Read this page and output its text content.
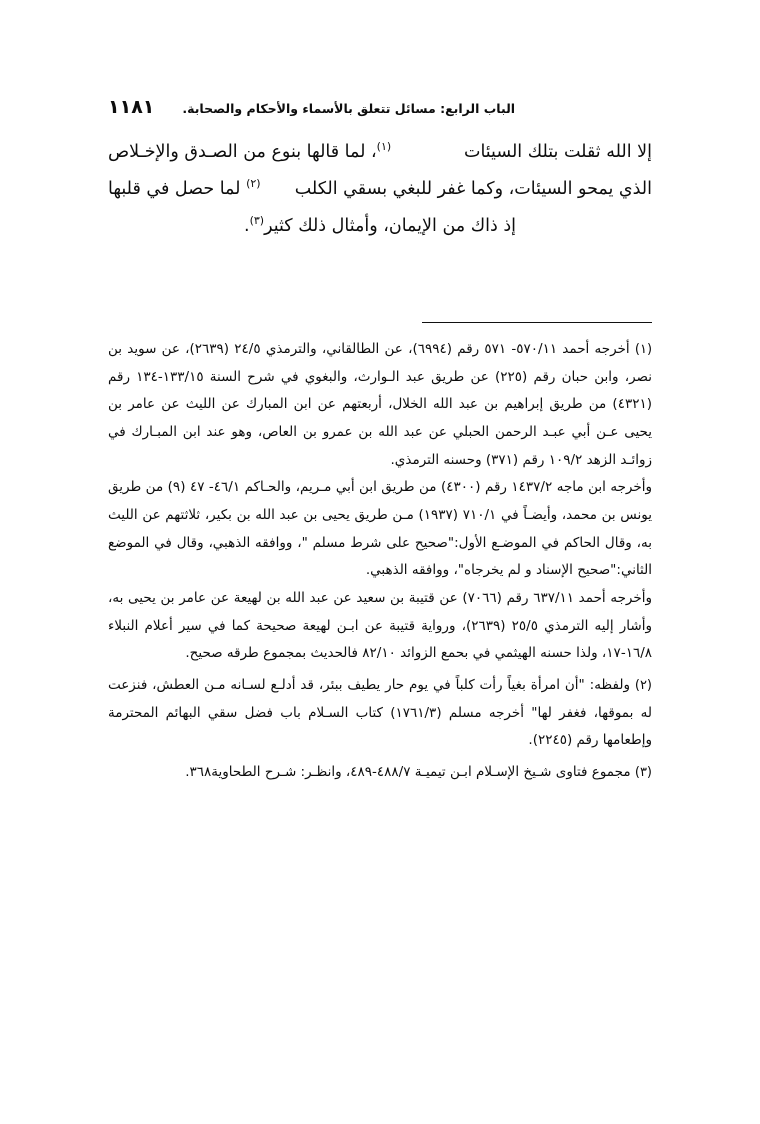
١١٨١ الباب الرابع: مسائل تتعلق بالأسماء والأحكام والصحابة.

إلا الله ثقلت بتلك السيئات
$^{(١)}$، لما قالها بنوع من الصـدق والإخـلاص
الذي يمحو السيئات، وكما غفر للبغي بسقي الكلب
$^{(٢)}$ لما حصل في قلبها
إذ ذاك من الإيمان، وأمثال ذلك كثير$^{(٣)}$.

(١) أخرجه أحمد ٥٧٠/١١- ٥٧١ رقم (٦٩٩٤)، عن الطالقاني، والترمذي ٢٤/٥ (٢٦٣٩)، عن سويد بن نصر، وابن حبان رقم (٢٢٥) عن طريق عبد الـوارث، والبغوي في شرح السنة ١٣٣/١٥-١٣٤ رقم (٤٣٢١) من طريق إبراهيم بن عبد الله الخلال، أربعتهم عن ابن المبارك عن الليث عن عامر بن يحيى عـن أبي عبـد الرحمن الحبلي عن عبد الله بن عمرو بن العاص، وهو عند ابن المبـارك في زوائـد الزهد ١٠٩/٢ رقم (٣٧١) وحسنه الترمذي.

وأخرجه ابن ماجه ١٤٣٧/٢ رقم (٤٣٠٠) من طريق ابن أبي مـريم، والحـاكم ٤٦/١- ٤٧ (٩) من طريق يونس بن محمد، وأيضـاً في ٧١٠/١ (١٩٣٧) مـن طريق يحيى بن عبد الله بن بكير، ثلاثتهم عن الليث به، وقال الحاكم في الموضـع الأول:"صحيح على شرط مسلم "، ووافقه الذهبي، وقال في الموضع الثاني:"صحيح الإسناد و لم يخرجاه"، ووافقه الذهبي.

وأخرجه أحمد ٦٣٧/١١ رقم (٧٠٦٦) عن قتيبة بن سعيد عن عبد الله بن لهيعة عن عامر بن يحيى به، وأشار إليه الترمذي ٢٥/٥ (٢٦٣٩)، ورواية قتيبة عن ابـن لهيعة صحيحة كما في سير أعلام النبلاء ١٦/٨-١٧، ولذا حسنه الهيثمي في بحمع الزوائد ٨٢/١٠ فالحديث بمجموع طرقه صحيح.

(٢) ولفظه: "أن امرأة بغياً رأت كلباً في يوم حار يطيف ببئر، قد أدلـع لسـانه مـن العطش، فنزعت له بموقها، فغفر لها" أخرجه مسلم (١٧٦١/٣) كتاب السـلام باب فضل سقي البهائم المحترمة وإطعامها رقم (٢٢٤٥).

(٣) مجموع فتاوى شـيخ الإسـلام ابـن تيميـة ٤٨٨/٧-٤٨٩، وانظـر: شـرح الطحاوية٣٦٨.
